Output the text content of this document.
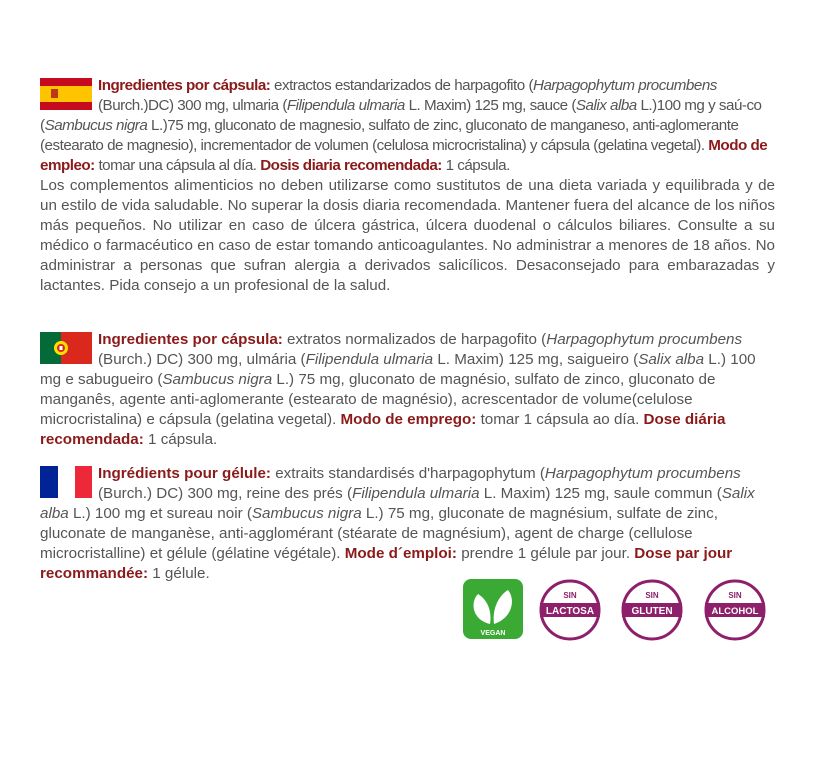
Ingredientes por cápsula: extractos estandarizados de harpagofito (Harpagophytum procumbens (Burch.)DC) 300 mg, ulmaria (Filipendula ulmaria L. Maxim) 125 mg, sauce (Salix alba L.)100 mg y saú-co (Sambucus nigra L.)75 mg, gluconato de magnesio, sulfato de zinc, gluconato de manganeso, anti-aglomerante (estearato de magnesio), incrementador de volumen (celulosa microcristalina) y cápsula (gelatina vegetal). Modo de empleo: tomar una cápsula al día. Dosis diaria recomendada: 1 cápsula.

Los complementos alimenticios no deben utilizarse como sustitutos de una dieta variada y equilibrada y de un estilo de vida saludable. No superar la dosis diaria recomendada. Mantener fuera del alcance de los niños más pequeños. No utilizar en caso de úlcera gástrica, úlcera duodenal o cálculos biliares. Consulte a su médico o farmacéutico en caso de estar tomando anticoagulantes. No administrar a menores de 18 años. No administrar a personas que sufran alergia a derivados salicílicos. Desaconsejado para embarazadas y lactantes. Pida consejo a un profesional de la salud.

Ingredientes por cápsula: extratos normalizados de harpagofito (Harpagophytum procumbens (Burch.) DC) 300 mg, ulmária (Filipendula ulmaria L. Maxim) 125 mg, saigueiro (Salix alba L.) 100 mg e sabugueiro (Sambucus nigra L.) 75 mg, gluconato de magnésio, sulfato de zinco, gluconato de manganês, agente anti-aglomerante (estearato de magnésio), acrescentador de volume(celulose microcristalina) e cápsula (gelatina vegetal). Modo de emprego: tomar 1 cápsula ao día. Dose diária recomendada: 1 cápsula.

Ingrédients pour gélule: extraits standardisés d'harpagophytum (Harpagophytum procumbens (Burch.) DC) 300 mg, reine des prés (Filipendula ulmaria L. Maxim) 125 mg, saule commun (Salix alba L.) 100 mg et sureau noir (Sambucus nigra L.) 75 mg, gluconate de magnésium, sulfate de zinc, gluconate de manganèse, anti-agglomérant (stéarate de magnésium), agent de charge (cellulose microcristalline) et gélule (gélatine végétale). Mode d´emploi: prendre 1 gélule par jour. Dose par jour recommandée: 1 gélule.

VEGAN
SIN
LACTOSA
SIN
GLUTEN
SIN
ALCOHOL
